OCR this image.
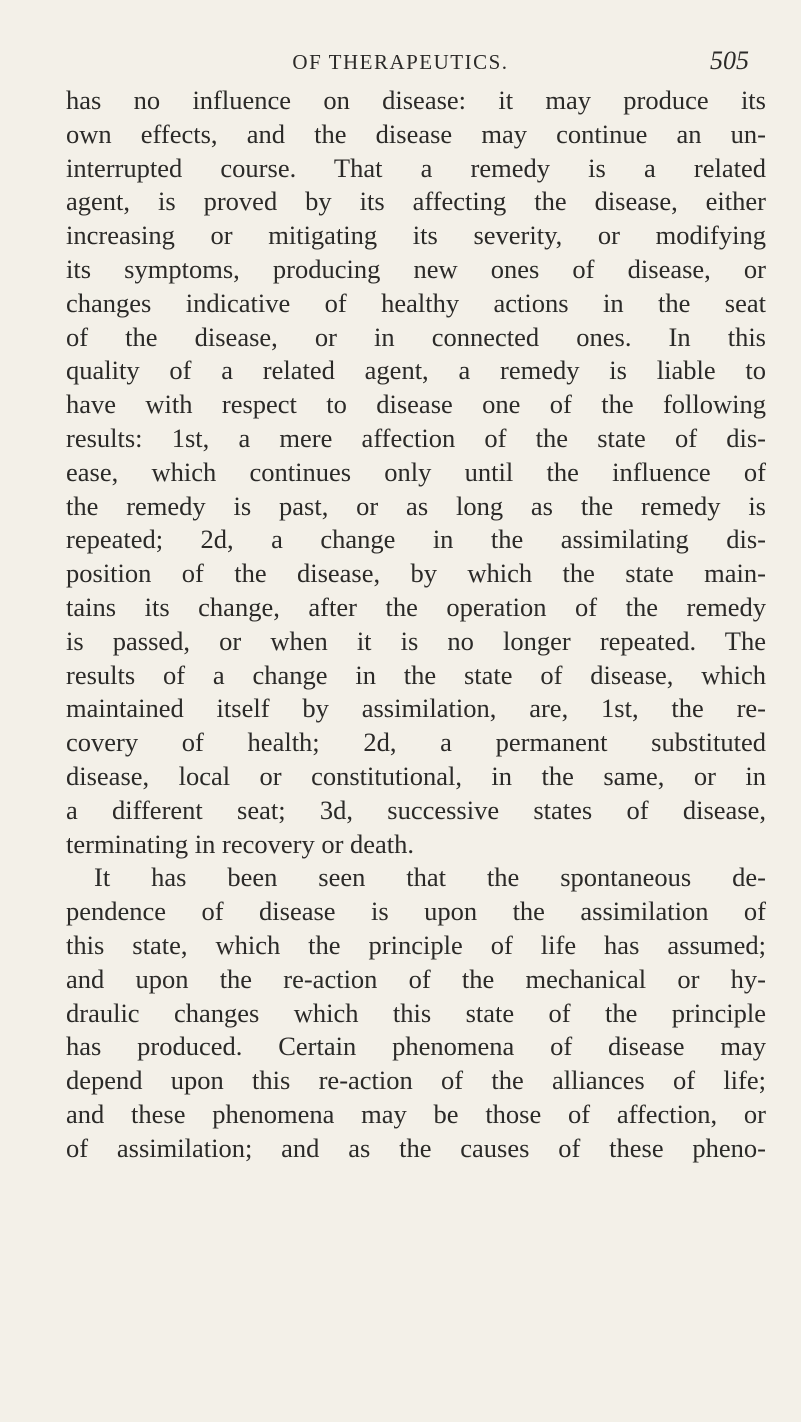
OF THERAPEUTICS.	505
has no influence on disease: it may produce its
own effects, and the disease may continue an un-
interrupted course. That a remedy is a related
agent, is proved by its affecting the disease, either
increasing or mitigating its severity, or modifying
its symptoms, producing new ones of disease, or
changes indicative of healthy actions in the seat
of the disease, or in connected ones. In this
quality of a related agent, a remedy is liable to
have with respect to disease one of the following
results: 1st, a mere affection of the state of dis-
ease, which continues only until the influence of
the remedy is past, or as long as the remedy is
repeated; 2d, a change in the assimilating dis-
position of the disease, by which the state main-
tains its change, after the operation of the remedy
is passed, or when it is no longer repeated. The
results of a change in the state of disease, which
maintained itself by assimilation, are, 1st, the re-
covery of health; 2d, a permanent substituted
disease, local or constitutional, in the same, or in
a different seat; 3d, successive states of disease,
terminating in recovery or death.
It has been seen that the spontaneous de-
pendence of disease is upon the assimilation of
this state, which the principle of life has assumed;
and upon the re-action of the mechanical or hy-
draulic changes which this state of the principle
has produced. Certain phenomena of disease may
depend upon this re-action of the alliances of life;
and these phenomena may be those of affection, or
of assimilation; and as the causes of these pheno-
